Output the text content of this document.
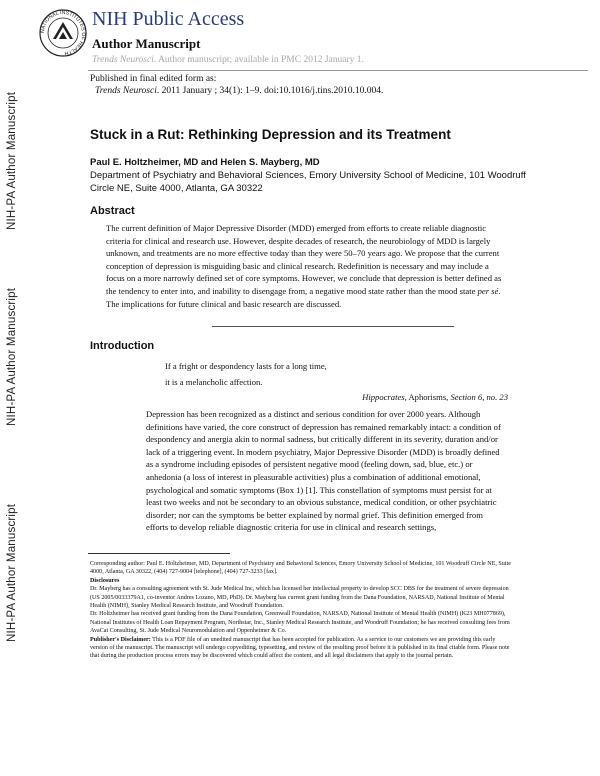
NATIONAL INSTITUTES OF HEALTH
NIH Public Access
Author Manuscript
Trends Neurosci. Author manuscript; available in PMC 2012 January 1.
Published in final edited form as:
Trends Neurosci. 2011 January ; 34(1): 1–9. doi:10.1016/j.tins.2010.10.004.
NIH-PA Author Manuscript
NIH-PA Author Manuscript
NIH-PA Author Manuscript
Stuck in a Rut: Rethinking Depression and its Treatment
Paul E. Holtzheimer, MD and Helen S. Mayberg, MD
Department of Psychiatry and Behavioral Sciences, Emory University School of Medicine, 101 Woodruff Circle NE, Suite 4000, Atlanta, GA 30322
Abstract
The current definition of Major Depressive Disorder (MDD) emerged from efforts to create reliable diagnostic criteria for clinical and research use. However, despite decades of research, the neurobiology of MDD is largely unknown, and treatments are no more effective today than they were 50–70 years ago. We propose that the current conception of depression is misguiding basic and clinical research. Redefinition is necessary and may include a focus on a more narrowly defined set of core symptoms. However, we conclude that depression is better defined as the tendency to enter into, and inability to disengage from, a negative mood state rather than the mood state per sé. The implications for future clinical and basic research are discussed.
Introduction
If a fright or despondency lasts for a long time,
it is a melancholic affection.
Hippocrates, Aphorisms, Section 6, no. 23
Depression has been recognized as a distinct and serious condition for over 2000 years. Although definitions have varied, the core construct of depression has remained remarkably intact: a condition of despondency and anergia akin to normal sadness, but critically different in its severity, duration and/or lack of a triggering event. In modern psychiatry, Major Depressive Disorder (MDD) is broadly defined as a syndrome including episodes of persistent negative mood (feeling down, sad, blue, etc.) or anhedonia (a loss of interest in pleasurable activities) plus a combination of additional emotional, psychological and somatic symptoms (Box 1) [1]. This constellation of symptoms must persist for at least two weeks and not be secondary to an obvious substance, medical condition, or other psychiatric disorder; nor can the symptoms be better explained by normal grief. This definition emerged from efforts to develop reliable diagnostic criteria for use in clinical and research settings,

Corresponding author: Paul E. Holtzheimer, MD, Department of Psychiatry and Behavioral Sciences, Emory University School of Medicine, 101 Woodruff Circle NE, Suite 4000, Atlanta, GA 30322, (404) 727-9004 [telephone], (404) 727-3233 [fax].

Disclosures

Dr. Mayberg has a consulting agreement with St. Jude Medical Inc, which has licensed her intellectual property to develop SCC DBS for the treatment of severe depression (US 2005/0033379A1, co-inventor Andres Lozano, MD, PhD). Dr. Mayberg has current grant funding from the Dana Foundation, NARSAD, National Institute of Mental Health (NIMH), Stanley Medical Research Institute, and Woodruff Foundation.

Dr. Holtzheimer has received grant funding from the Dana Foundation, Greenwall Foundation, NARSAD, National Institute of Mental Health (NIMH) (K23 MH077869), National Institutes of Health Loan Repayment Program, Northstar, Inc., Stanley Medical Research Institute, and Woodruff Foundation; he has received consulting fees from AvaCat Consulting, St. Jude Medical Neuromodulation and Oppenheimer & Co.

Publisher's Disclaimer: This is a PDF file of an unedited manuscript that has been accepted for publication. As a service to our customers we are providing this early version of the manuscript. The manuscript will undergo copyediting, typesetting, and review of the resulting proof before it is published in its final citable form. Please note that during the production process errors may be discovered which could affect the content, and all legal disclaimers that apply to the journal pertain.
